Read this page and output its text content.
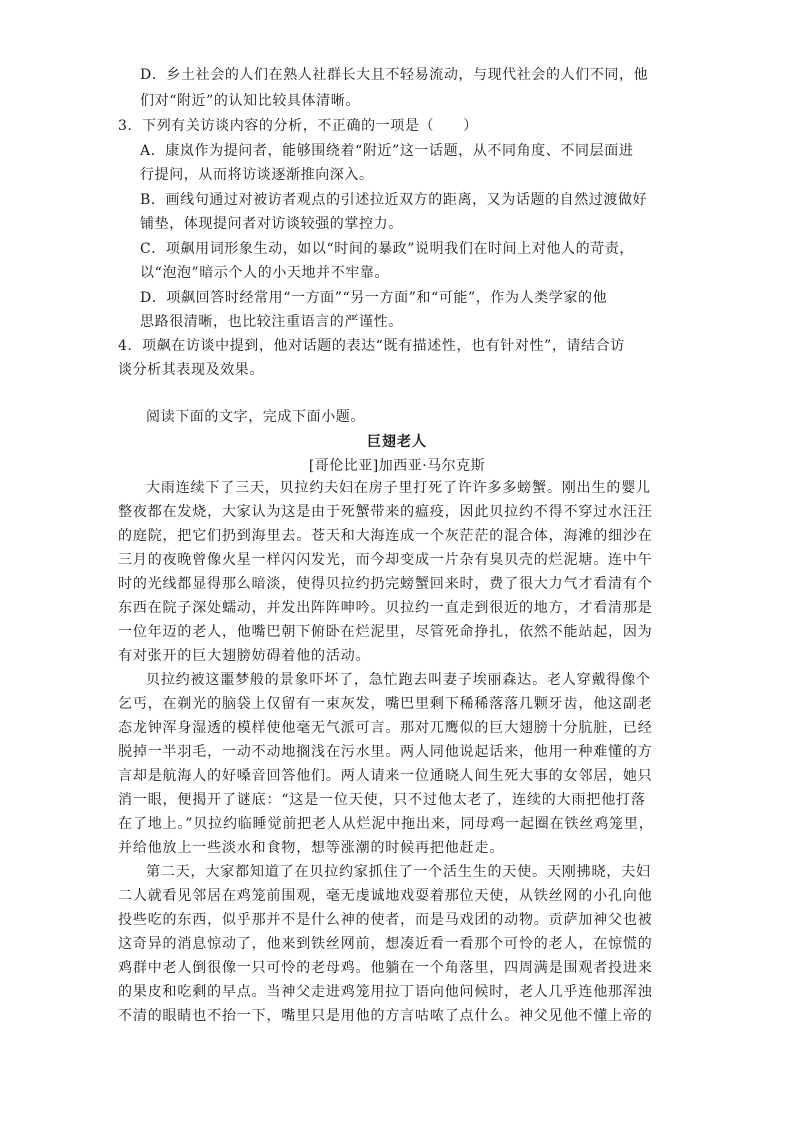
D．乡土社会的人们在熟人社群长大且不轻易流动，与现代社会的人们不同，他
们对“附近”的认知比较具体清晰。
3．下列有关访谈内容的分析，不正确的一项是（　　）
A．康岚作为提问者，能够围绕着“附近”这一话题，从不同角度、不同层面进
行提问，从而将访谈逐渐推向深入。
B．画线句通过对被访者观点的引述拉近双方的距离，又为话题的自然过渡做好
铺垫，体现提问者对访谈较强的掌控力。
C．项飙用词形象生动，如以“时间的暴政”说明我们在时间上对他人的苛责，
以“泡泡”暗示个人的小天地并不牢靠。
D．项飙回答时经常用“一方面”“另一方面”和“可能”，作为人类学家的他
思路很清晰，也比较注重语言的严谨性。
4．项飙在访谈中提到，他对话题的表达“既有描述性，也有针对性”，请结合访
谈分析其表现及效果。
阅读下面的文字，完成下面小题。
巨翅老人
[哥伦比亚]加西亚·马尔克斯
大雨连续下了三天，贝拉约夫妇在房子里打死了许许多多螃蟹。刚出生的婴儿
整夜都在发烧，大家认为这是由于死蟹带来的瘟疫，因此贝拉约不得不穿过水汪汪
的庭院，把它们扔到海里去。苍天和大海连成一个灰茫茫的混合体，海滩的细沙在
三月的夜晚曾像火星一样闪闪发光，而今却变成一片杂有臭贝壳的烂泥塘。连中午
时的光线都显得那么暗淡，使得贝拉约扔完螃蟹回来时，费了很大力气才看清有个
东西在院子深处蠕动，并发出阵阵呻吟。贝拉约一直走到很近的地方，才看清那是
一位年迈的老人，他嘴巴朝下俯卧在烂泥里，尽管死命挣扎，依然不能站起，因为
有对张开的巨大翅膀妨碍着他的活动。
贝拉约被这噩梦般的景象吓坏了，急忙跑去叫妻子埃丽森达。老人穿戴得像个
乞丐，在剃光的脑袋上仅留有一束灰发，嘴巴里剩下稀稀落落几颗牙齿，他这副老
态龙钟浑身湿透的模样使他毫无气派可言。那对兀鹰似的巨大翅膀十分肮脏，已经
脱掉一半羽毛，一动不动地搁浅在污水里。两人同他说起话来，他用一种难懂的方
言却是航海人的好嗓音回答他们。两人请来一位通晓人间生死大事的女邻居，她只
消一眼，便揭开了谜底：“这是一位天使，只不过他太老了，连续的大雨把他打落
在了地上。”贝拉约临睡觉前把老人从烂泥中拖出来，同母鸡一起圈在铁丝鸡笼里，
并给他放上一些淡水和食物，想等涨潮的时候再把他赶走。
第二天，大家都知道了在贝拉约家抓住了一个活生生的天使。天刚拂晓，夫妇
二人就看见邻居在鸡笼前围观，毫无虔诚地戏耍着那位天使，从铁丝网的小孔向他
投些吃的东西，似乎那并不是什么神的使者，而是马戏团的动物。贡萨加神父也被
这奇异的消息惊动了，他来到铁丝网前，想凑近看一看那个可怜的老人，在惊慌的
鸡群中老人倒很像一只可怜的老母鸡。他躺在一个角落里，四周满是围观者投进来
的果皮和吃剩的早点。当神父走进鸡笼用拉丁语向他问候时，老人几乎连他那浑浊
不清的眼睛也不抬一下，嘴里只是用他的方言咕哝了点什么。神父见他不懂上帝的
